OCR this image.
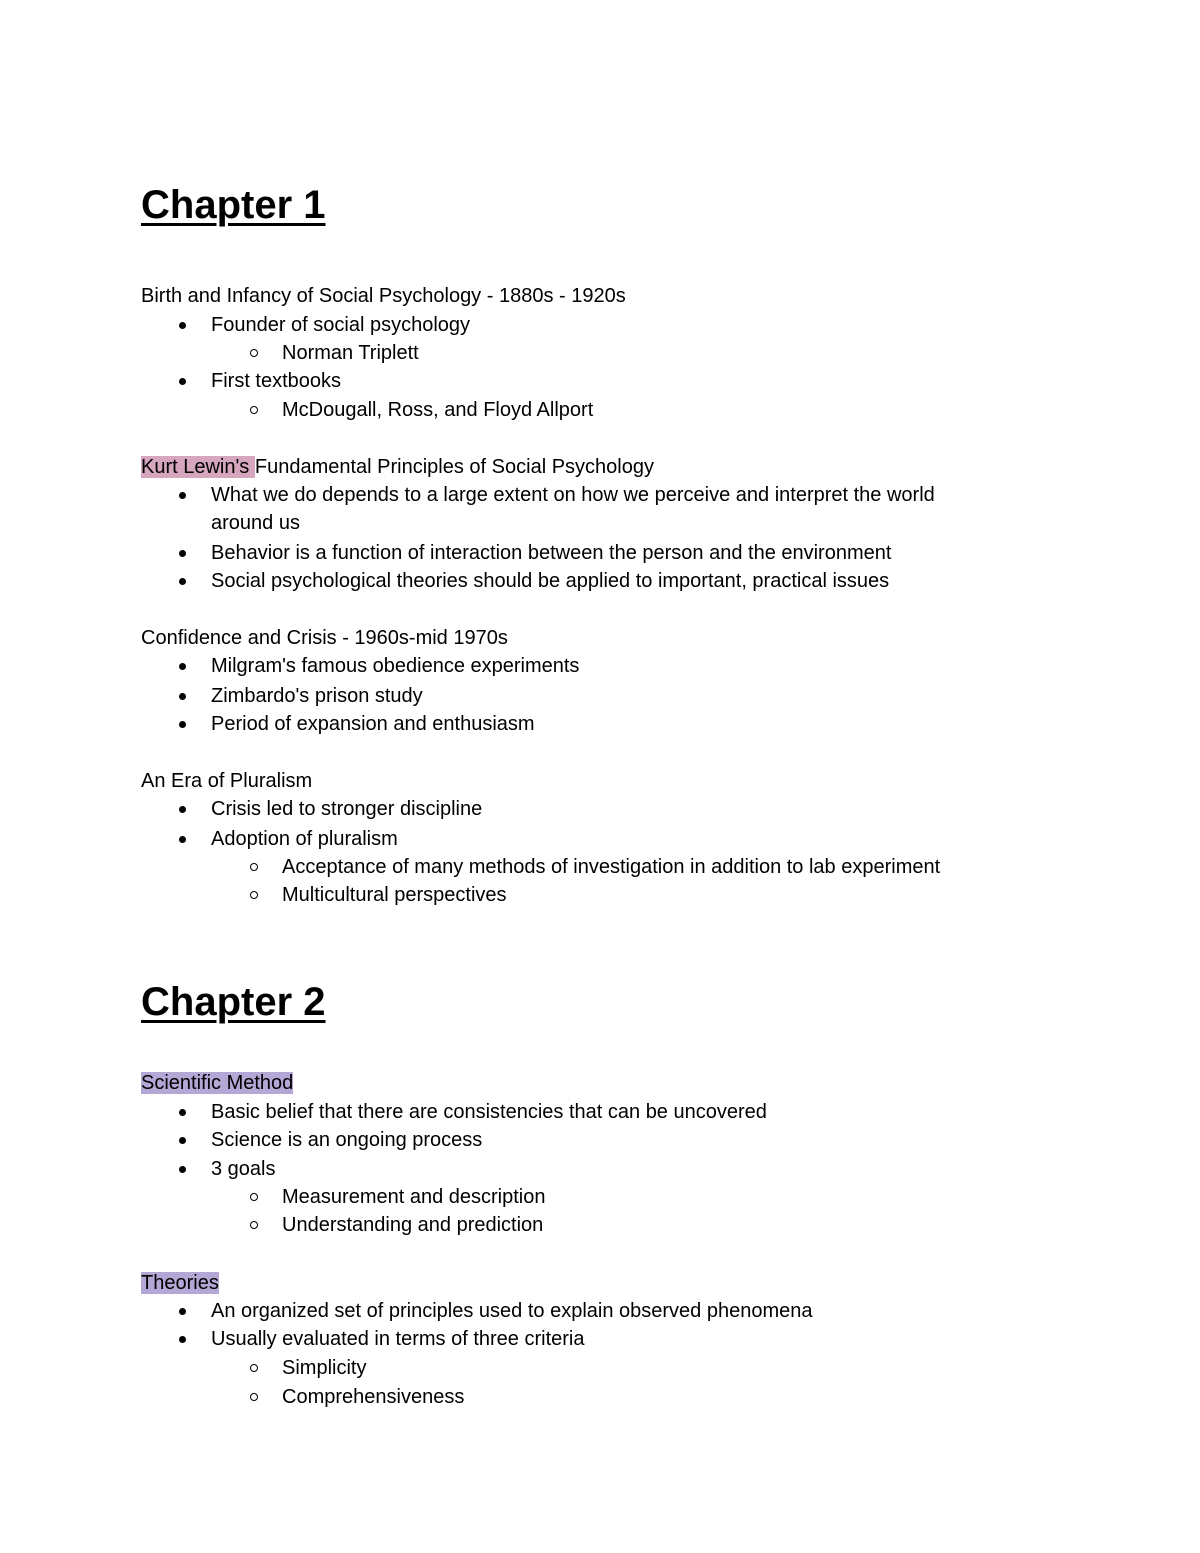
Chapter 1
Birth and Infancy of Social Psychology - 1880s - 1920s
Founder of social psychology
Norman Triplett
First textbooks
McDougall, Ross, and Floyd Allport
Kurt Lewin's Fundamental Principles of Social Psychology
What we do depends to a large extent on how we perceive and interpret the world
around us
Behavior is a function of interaction between the person and the environment
Social psychological theories should be applied to important, practical issues
Confidence and Crisis - 1960s-mid 1970s
Milgram's famous obedience experiments
Zimbardo's prison study
Period of expansion and enthusiasm
An Era of Pluralism
Crisis led to stronger discipline
Adoption of pluralism
Acceptance of many methods of investigation in addition to lab experiment
Multicultural perspectives
Chapter 2
Scientific Method
Basic belief that there are consistencies that can be uncovered
Science is an ongoing process
3 goals
Measurement and description
Understanding and prediction
Theories
An organized set of principles used to explain observed phenomena
Usually evaluated in terms of three criteria
Simplicity
Comprehensiveness
